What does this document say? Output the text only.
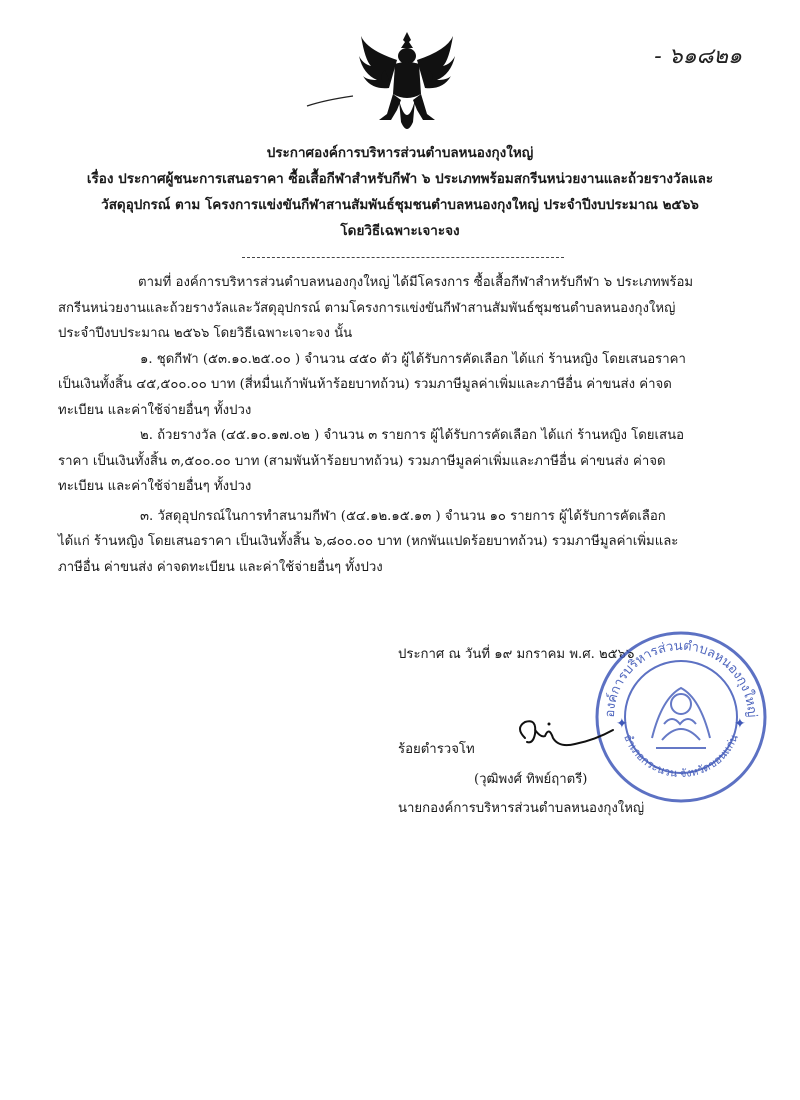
- ๖๑๘๒๑
ประกาศองค์การบริหารส่วนตำบลหนองกุงใหญ่
เรื่อง ประกาศผู้ชนะการเสนอราคา ซื้อเสื้อกีฬาสำหรับกีฬา ๖ ประเภทพร้อมสกรีนหน่วยงานและถ้วยรางวัลและ
วัสดุอุปกรณ์ ตาม โครงการแข่งขันกีฬาสานสัมพันธ์ชุมชนตำบลหนองกุงใหญ่ ประจำปีงบประมาณ ๒๕๖๖
โดยวิธีเฉพาะเจาะจง

ตามที่ องค์การบริหารส่วนตำบลหนองกุงใหญ่ ได้มีโครงการ ซื้อเสื้อกีฬาสำหรับกีฬา ๖ ประเภทพร้อม

สกรีนหน่วยงานและถ้วยรางวัลและวัสดุอุปกรณ์ ตามโครงการแข่งขันกีฬาสานสัมพันธ์ชุมชนตำบลหนองกุงใหญ่

ประจำปีงบประมาณ ๒๕๖๖ โดยวิธีเฉพาะเจาะจง นั้น

๑. ชุดกีฬา (๕๓.๑๐.๒๕.๐๐ ) จำนวน ๔๕๐ ตัว ผู้ได้รับการคัดเลือก ได้แก่ ร้านหญิง โดยเสนอราคา

เป็นเงินทั้งสิ้น ๔๕,๕๐๐.๐๐ บาท (สี่หมื่นเก้าพันห้าร้อยบาทถ้วน) รวมภาษีมูลค่าเพิ่มและภาษีอื่น ค่าขนส่ง ค่าจด

ทะเบียน และค่าใช้จ่ายอื่นๆ ทั้งปวง

๒. ถ้วยรางวัล (๔๕.๑๐.๑๗.๐๒ ) จำนวน ๓ รายการ ผู้ได้รับการคัดเลือก ได้แก่ ร้านหญิง โดยเสนอ

ราคา เป็นเงินทั้งสิ้น ๓,๕๐๐.๐๐ บาท (สามพันห้าร้อยบาทถ้วน) รวมภาษีมูลค่าเพิ่มและภาษีอื่น ค่าขนส่ง ค่าจด

ทะเบียน และค่าใช้จ่ายอื่นๆ ทั้งปวง

๓. วัสดุอุปกรณ์ในการทำสนามกีฬา (๕๔.๑๒.๑๕.๑๓ ) จำนวน ๑๐ รายการ ผู้ได้รับการคัดเลือก

ได้แก่ ร้านหญิง โดยเสนอราคา เป็นเงินทั้งสิ้น ๖,๘๐๐.๐๐ บาท (หกพันแปดร้อยบาทถ้วน) รวมภาษีมูลค่าเพิ่มและ

ภาษีอื่น ค่าขนส่ง ค่าจดทะเบียน และค่าใช้จ่ายอื่นๆ ทั้งปวง

ประกาศ ณ วันที่ ๑๙ มกราคม พ.ศ. ๒๕๖๖
องค์การบริหารส่วนตำบลหนองกุงใหญ่
อำเภอกระนวน จังหวัดขอนแก่น
✦	✦
ร้อยตำรวจโท
(วุฒิพงศ์ ทิพย์ฤาตรี)
นายกองค์การบริหารส่วนตำบลหนองกุงใหญ่
